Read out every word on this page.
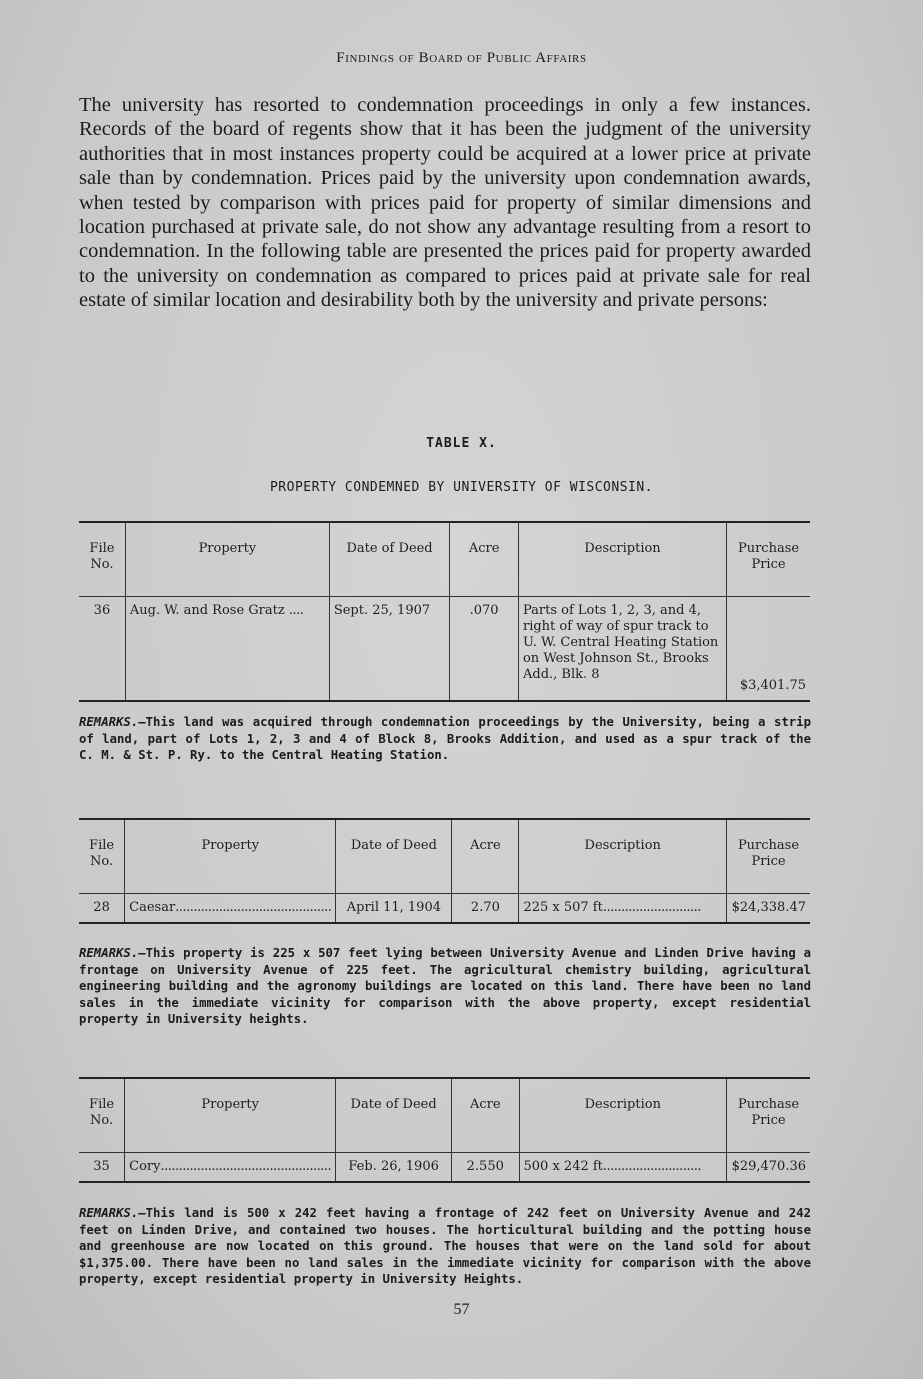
Findings of Board of Public Affairs

The university has resorted to condemnation proceedings in only a few instances. Records of the board of regents show that it has been the judgment of the university authorities that in most instances property could be acquired at a lower price at private sale than by condemnation. Prices paid by the university upon condemnation awards, when tested by comparison with prices paid for property of similar dimensions and location purchased at private sale, do not show any advantage resulting from a resort to condemnation. In the following table are presented the prices paid for property awarded to the university on condemnation as compared to prices paid at private sale for real estate of similar location and desirability both by the university and private persons:

TABLE X.
PROPERTY CONDEMNED BY UNIVERSITY OF WISCONSIN.
File No.	Property	Date of Deed	Acre	Description	Purchase Price
36	Aug. W. and Rose Gratz ....	Sept. 25, 1907	.070	Parts of Lots 1, 2, 3, and 4, right of way of spur track to U. W. Central Heating Station on West Johnson St., Brooks Add., Blk. 8	$3,401.75

REMARKS.—This land was acquired through condemnation proceedings by the University, being a strip of land, part of Lots 1, 2, 3 and 4 of Block 8, Brooks Addition, and used as a spur track of the C. M. & St. P. Ry. to the Central Heating Station.

File No.	Property	Date of Deed	Acre	Description	Purchase Price
28	Caesar...........................................	April 11, 1904	2.70	225 x 507 ft...........................	$24,338.47

REMARKS.—This property is 225 x 507 feet lying between University Avenue and Linden Drive having a frontage on University Avenue of 225 feet. The agricultural chemistry building, agricultural engineering building and the agronomy buildings are located on this land. There have been no land sales in the immediate vicinity for comparison with the above property, except residential property in University heights.

File No.	Property	Date of Deed	Acre	Description	Purchase Price
35	Cory...............................................	Feb. 26, 1906	2.550	500 x 242 ft...........................	$29,470.36

REMARKS.—This land is 500 x 242 feet having a frontage of 242 feet on University Avenue and 242 feet on Linden Drive, and contained two houses. The horticultural building and the potting house and greenhouse are now located on this ground. The houses that were on the land sold for about $1,375.00. There have been no land sales in the immediate vicinity for comparison with the above property, except residential property in University Heights.

57
